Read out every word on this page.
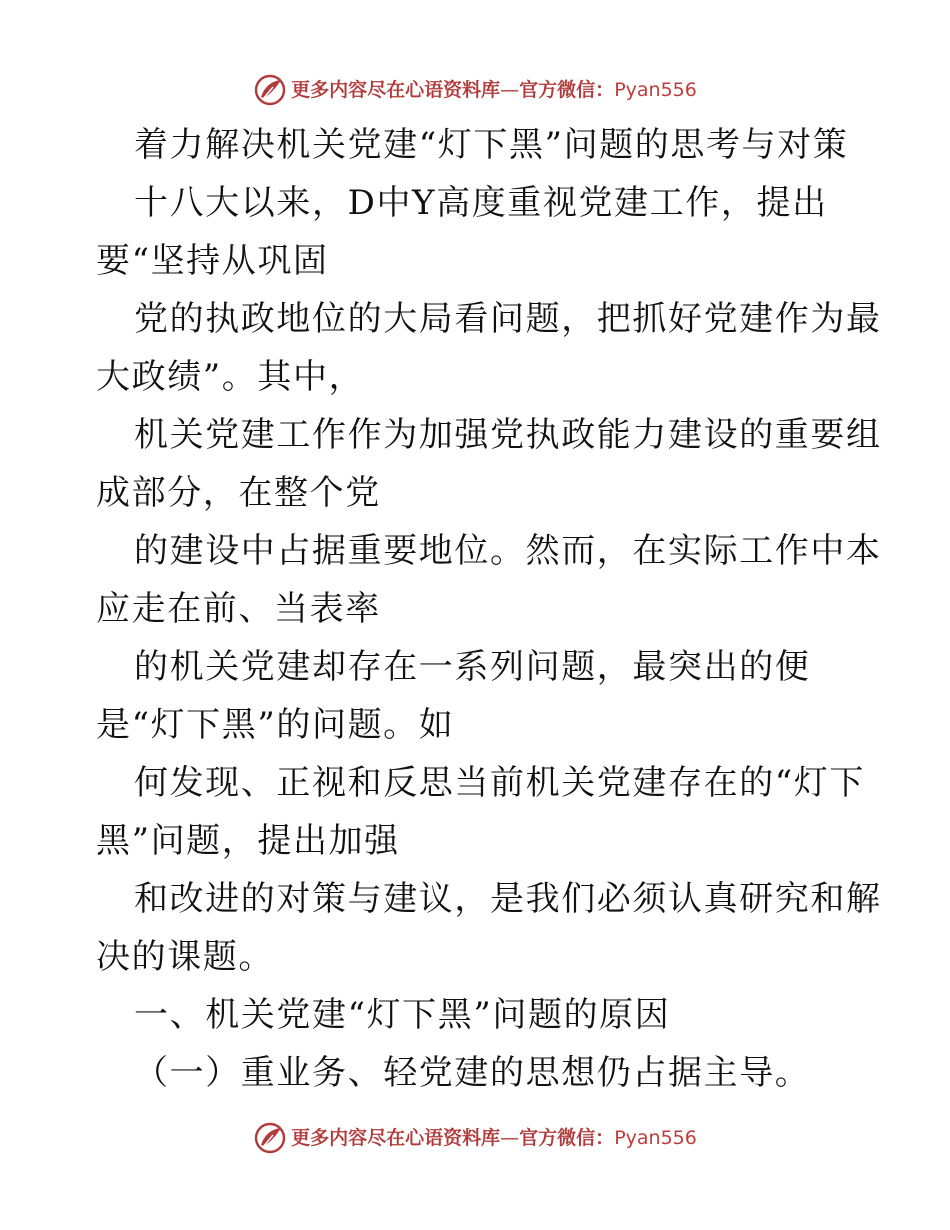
更多内容尽在心语资料库 — 官方微信： Pyan556
着力解决机关党建“灯下黑”问题的思考与对策
十八大以来，D中Y高度重视党建工作，提出
要“坚持从巩固
党的执政地位的大局看问题，把抓好党建作为最
大政绩”。其中，
机关党建工作作为加强党执政能力建设的重要组
成部分，在整个党
的建设中占据重要地位。然而，在实际工作中本
应走在前、当表率
的机关党建却存在一系列问题，最突出的便
是“灯下黑”的问题。如
何发现、正视和反思当前机关党建存在的“灯下
黑”问题，提出加强
和改进的对策与建议，是我们必须认真研究和解
决的课题。
一、机关党建“灯下黑”问题的原因
（一）重业务、轻党建的思想仍占据主导。
更多内容尽在心语资料库 — 官方微信： Pyan556
